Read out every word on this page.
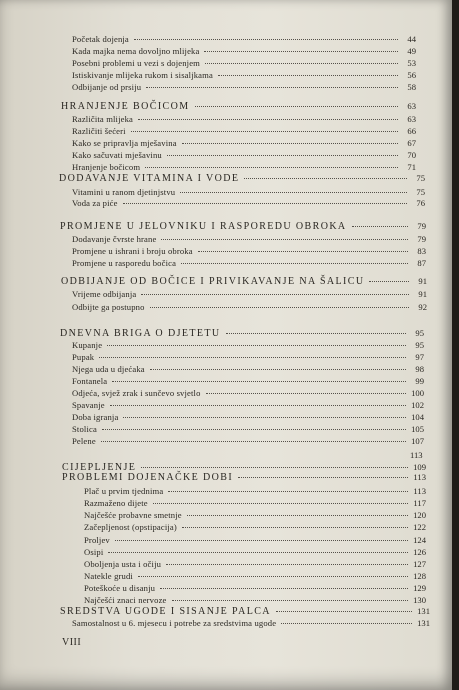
Početak dojenja	44
Kada majka nema dovoljno mlijeka	49
Posebni problemi u vezi s dojenjem	53
Istiskivanje mlijeka rukom i sisaljkama	56
Odbijanje od prsiju	58
HRANJENJE BOČICOM	63
Različita mlijeka	63
Različiti šećeri	66
Kako se pripravlja mješavina	67
Kako sačuvati mješavinu	70
Hranjenje bočicom	71
DODAVANJE VITAMINA I VODE	75
Vitamini u ranom djetinjstvu	75
Voda za piće	76
PROMJENE U JELOVNIKU I RASPOREDU OBROKA	79
Dodavanje čvrste hrane	79
Promjene u ishrani i broju obroka	83
Promjene u rasporedu bočica	87
ODBIJANJE OD BOČICE I PRIVIKAVANJE NA ŠALICU	91
Vrijeme odbijanja	91
Odbijte ga postupno	92
DNEVNA BRIGA O DJETETU	95
Kupanje	95
Pupak	97
Njega uda u djećaka	98
Fontanela	99
Odjeća, svjež zrak i sunčevo svjetlo	100
Spavanje	102
Doba igranja	104
Stolica	105
Pelene	107
CIJEPLJENJE	109
PROBLEMI DOJENAČKE DOBI	113
Plač u prvim tjednima	113
Razmaženo dijete	117
Najčešće probavne smetnje	120
Začepljenost (opstipacija)	122
Proljev	124
Osipi	126
Oboljenja usta i očiju	127
Natekle grudi	128
Poteškoće u disanju	129
Najčešći znaci nervoze	130
SREDSTVA UGODE I SISANJE PALCA	131
Samostalnost u 6. mjesecu i potrebe za sredstvima ugode	131
113
VIII
